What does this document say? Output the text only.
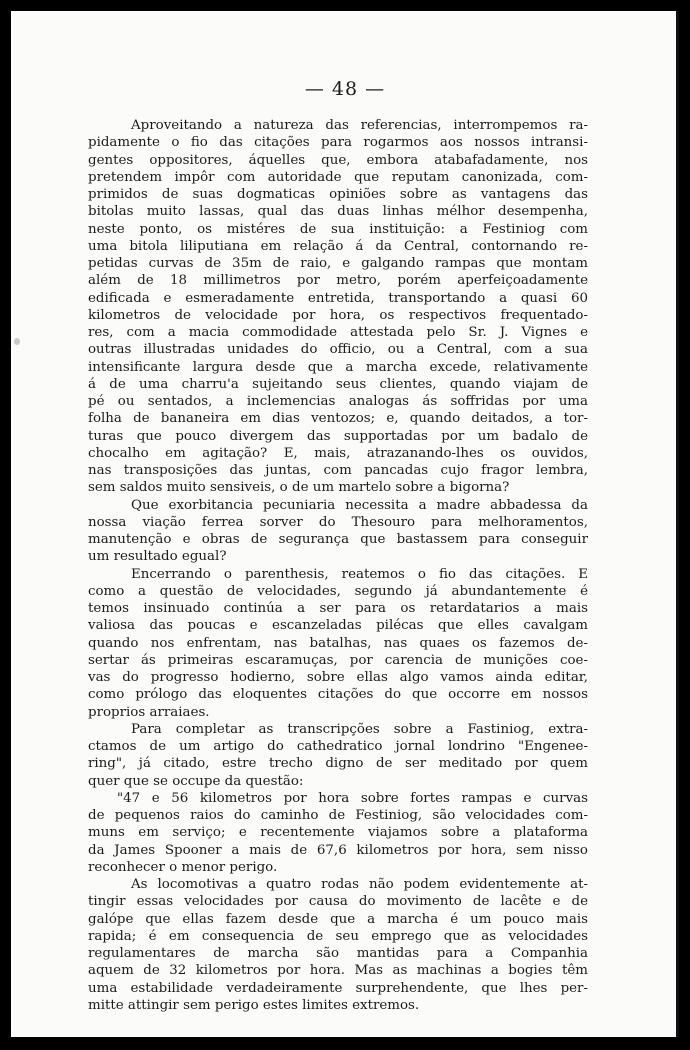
— 48 —
Aproveitando a natureza das referencias, interrompemos ra-
pidamente o fio das citações para rogarmos aos nossos intransi-
gentes oppositores, áquelles que, embora atabafadamente, nos
pretendem impôr com autoridade que reputam canonizada, com-
primidos de suas dogmaticas opiniões sobre as vantagens das
bitolas muito lassas, qual das duas linhas mélhor desempenha,
neste ponto, os mistéres de sua instituição: a Festiniog com
uma bitola liliputiana em relação á da Central, contornando re-
petidas curvas de 35m de raio, e galgando rampas que montam
além de 18 millimetros por metro, porém aperfeiçoadamente
edificada e esmeradamente entretida, transportando a quasi 60
kilometros de velocidade por hora, os respectivos frequentado-
res, com a macia commodidade attestada pelo Sr. J. Vignes e
outras illustradas unidades do officio, ou a Central, com a sua
intensificante largura desde que a marcha excede, relativamente
á de uma charru'a sujeitando seus clientes, quando viajam de
pé ou sentados, a inclemencias analogas ás soffridas por uma
folha de bananeira em dias ventozos; e, quando deitados, a tor-
turas que pouco divergem das supportadas por um badalo de
chocalho em agitação? E, mais, atrazanando-lhes os ouvidos,
nas transposições das juntas, com pancadas cujo fragor lembra,
sem saldos muito sensiveis, o de um martelo sobre a bigorna?
Que exorbitancia pecuniaria necessita a madre abbadessa da
nossa viação ferrea sorver do Thesouro para melhoramentos,
manutenção e obras de segurança que bastassem para conseguir
um resultado egual?
Encerrando o parenthesis, reatemos o fio das citações. E
como a questão de velocidades, segundo já abundantemente é
temos insinuado continúa a ser para os retardatarios a mais
valiosa das poucas e escanzeladas pilécas que elles cavalgam
quando nos enfrentam, nas batalhas, nas quaes os fazemos de-
sertar ás primeiras escaramuças, por carencia de munições coe-
vas do progresso hodierno, sobre ellas algo vamos ainda editar,
como prólogo das eloquentes citações do que occorre em nossos
proprios arraiaes.
Para completar as transcripções sobre a Fastiniog, extra-
ctamos de um artigo do cathedratico jornal londrino "Engenee-
ring", já citado, estre trecho digno de ser meditado por quem
quer que se occupe da questão:
"47 e 56 kilometros por hora sobre fortes rampas e curvas
de pequenos raios do caminho de Festiniog, são velocidades com-
muns em serviço; e recentemente viajamos sobre a plataforma
da James Spooner a mais de 67,6 kilometros por hora, sem nisso
reconhecer o menor perigo.
As locomotivas a quatro rodas não podem evidentemente at-
tingir essas velocidades por causa do movimento de lacête e de
galópe que ellas fazem desde que a marcha é um pouco mais
rapida; é em consequencia de seu emprego que as velocidades
regulamentares de marcha são mantidas para a Companhia
aquem de 32 kilometros por hora. Mas as machinas a bogies têm
uma estabilidade verdadeiramente surprehendente, que lhes per-
mitte attingir sem perigo estes limites extremos.
